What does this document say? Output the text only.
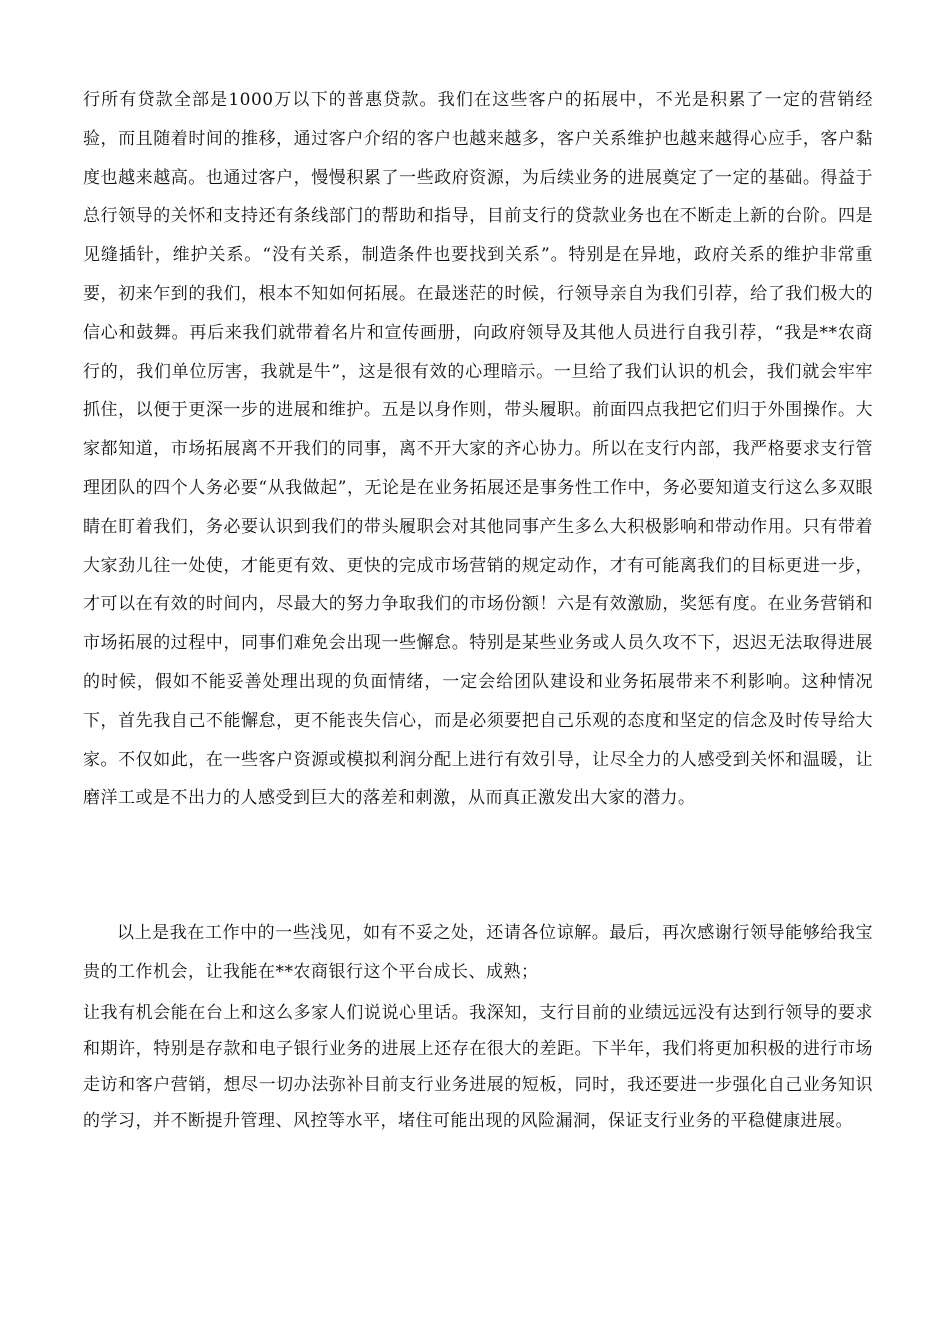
行所有贷款全部是1000万以下的普惠贷款。我们在这些客户的拓展中，不光是积累了一定的营销经验，而且随着时间的推移，通过客户介绍的客户也越来越多，客户关系维护也越来越得心应手，客户黏度也越来越高。也通过客户，慢慢积累了一些政府资源，为后续业务的进展奠定了一定的基础。得益于总行领导的关怀和支持还有条线部门的帮助和指导，目前支行的贷款业务也在不断走上新的台阶。四是见缝插针，维护关系。“没有关系，制造条件也要找到关系”。特别是在异地，政府关系的维护非常重要，初来乍到的我们，根本不知如何拓展。在最迷茫的时候，行领导亲自为我们引荐，给了我们极大的信心和鼓舞。再后来我们就带着名片和宣传画册，向政府领导及其他人员进行自我引荐，“我是**农商行的，我们单位厉害，我就是牛”，这是很有效的心理暗示。一旦给了我们认识的机会，我们就会牢牢抓住，以便于更深一步的进展和维护。五是以身作则，带头履职。前面四点我把它们归于外围操作。大家都知道，市场拓展离不开我们的同事，离不开大家的齐心协力。所以在支行内部，我严格要求支行管理团队的四个人务必要“从我做起”，无论是在业务拓展还是事务性工作中，务必要知道支行这么多双眼睛在盯着我们，务必要认识到我们的带头履职会对其他同事产生多么大积极影响和带动作用。只有带着大家劲儿往一处使，才能更有效、更快的完成市场营销的规定动作，才有可能离我们的目标更进一步，才可以在有效的时间内，尽最大的努力争取我们的市场份额！六是有效激励，奖惩有度。在业务营销和市场拓展的过程中，同事们难免会出现一些懈怠。特别是某些业务或人员久攻不下，迟迟无法取得进展的时候，假如不能妥善处理出现的负面情绪，一定会给团队建设和业务拓展带来不利影响。这种情况下，首先我自己不能懈怠，更不能丧失信心，而是必须要把自己乐观的态度和坚定的信念及时传导给大家。不仅如此，在一些客户资源或模拟利润分配上进行有效引导，让尽全力的人感受到关怀和温暖，让磨洋工或是不出力的人感受到巨大的落差和刺激，从而真正激发出大家的潜力。

以上是我在工作中的一些浅见，如有不妥之处，还请各位谅解。最后，再次感谢行领导能够给我宝贵的工作机会，让我能在**农商银行这个平台成长、成熟；

让我有机会能在台上和这么多家人们说说心里话。我深知，支行目前的业绩远远没有达到行领导的要求和期许，特别是存款和电子银行业务的进展上还存在很大的差距。下半年，我们将更加积极的进行市场走访和客户营销，想尽一切办法弥补目前支行业务进展的短板，同时，我还要进一步强化自己业务知识的学习，并不断提升管理、风控等水平，堵住可能出现的风险漏洞，保证支行业务的平稳健康进展。
